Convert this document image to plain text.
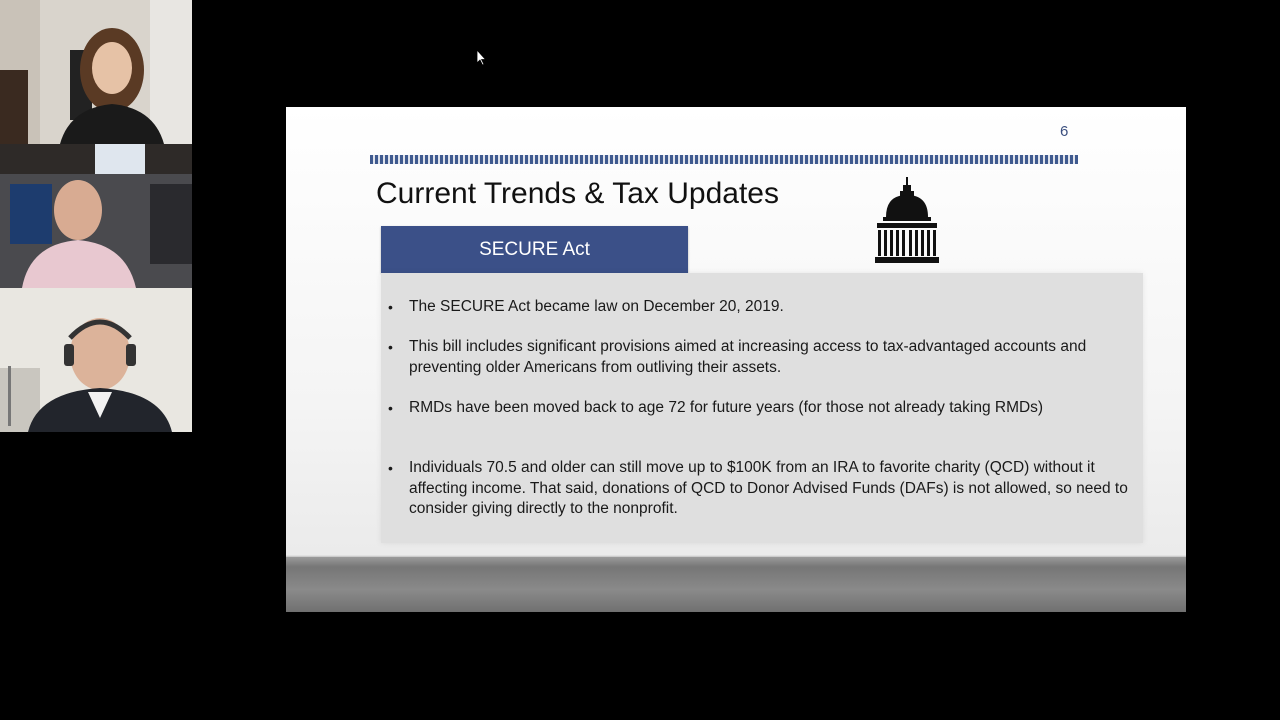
6
Current Trends & Tax Updates
SECURE Act
• The SECURE Act became law on December 20, 2019.
• This bill includes significant provisions aimed at increasing access to tax-advantaged accounts and preventing older Americans from outliving their assets.
• RMDs have been moved back to age 72 for future years (for those not already taking RMDs)
• Individuals 70.5 and older can still move up to $100K from an IRA to favorite charity (QCD) without it affecting income. That said, donations of QCD to Donor Advised Funds (DAFs) is not allowed, so need to consider giving directly to the nonprofit.
